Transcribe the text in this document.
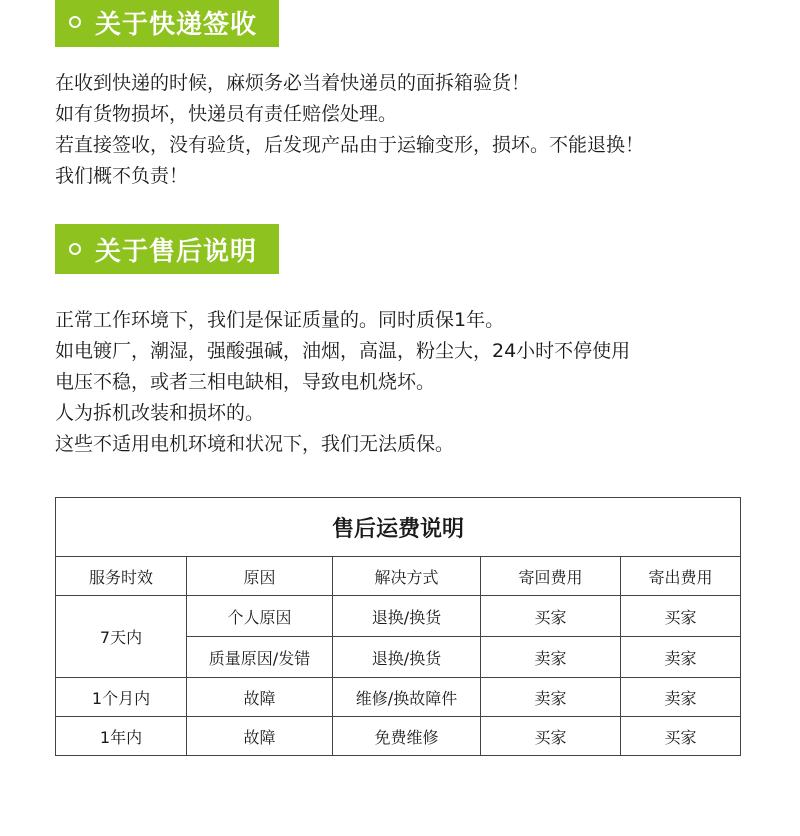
关于快递签收
在收到快递的时候，麻烦务必当着快递员的面拆箱验货！
如有货物损坏，快递员有责任赔偿处理。
若直接签收，没有验货，后发现产品由于运输变形，损坏。不能退换！
我们概不负责！
关于售后说明
正常工作环境下，我们是保证质量的。同时质保1年。
如电镀厂，潮湿，强酸强碱，油烟，高温，粉尘大，24小时不停使用
电压不稳，或者三相电缺相，导致电机烧坏。
人为拆机改装和损坏的。
这些不适用电机环境和状况下，我们无法质保。
售后运费说明				
服务时效	原因	解决方式	寄回费用	寄出费用
7天内	个人原因	退换/换货	买家	买家
	质量原因/发错	退换/换货	卖家	卖家
1个月内	故障	维修/换故障件	卖家	卖家
1年内	故障	免费维修	买家	买家
